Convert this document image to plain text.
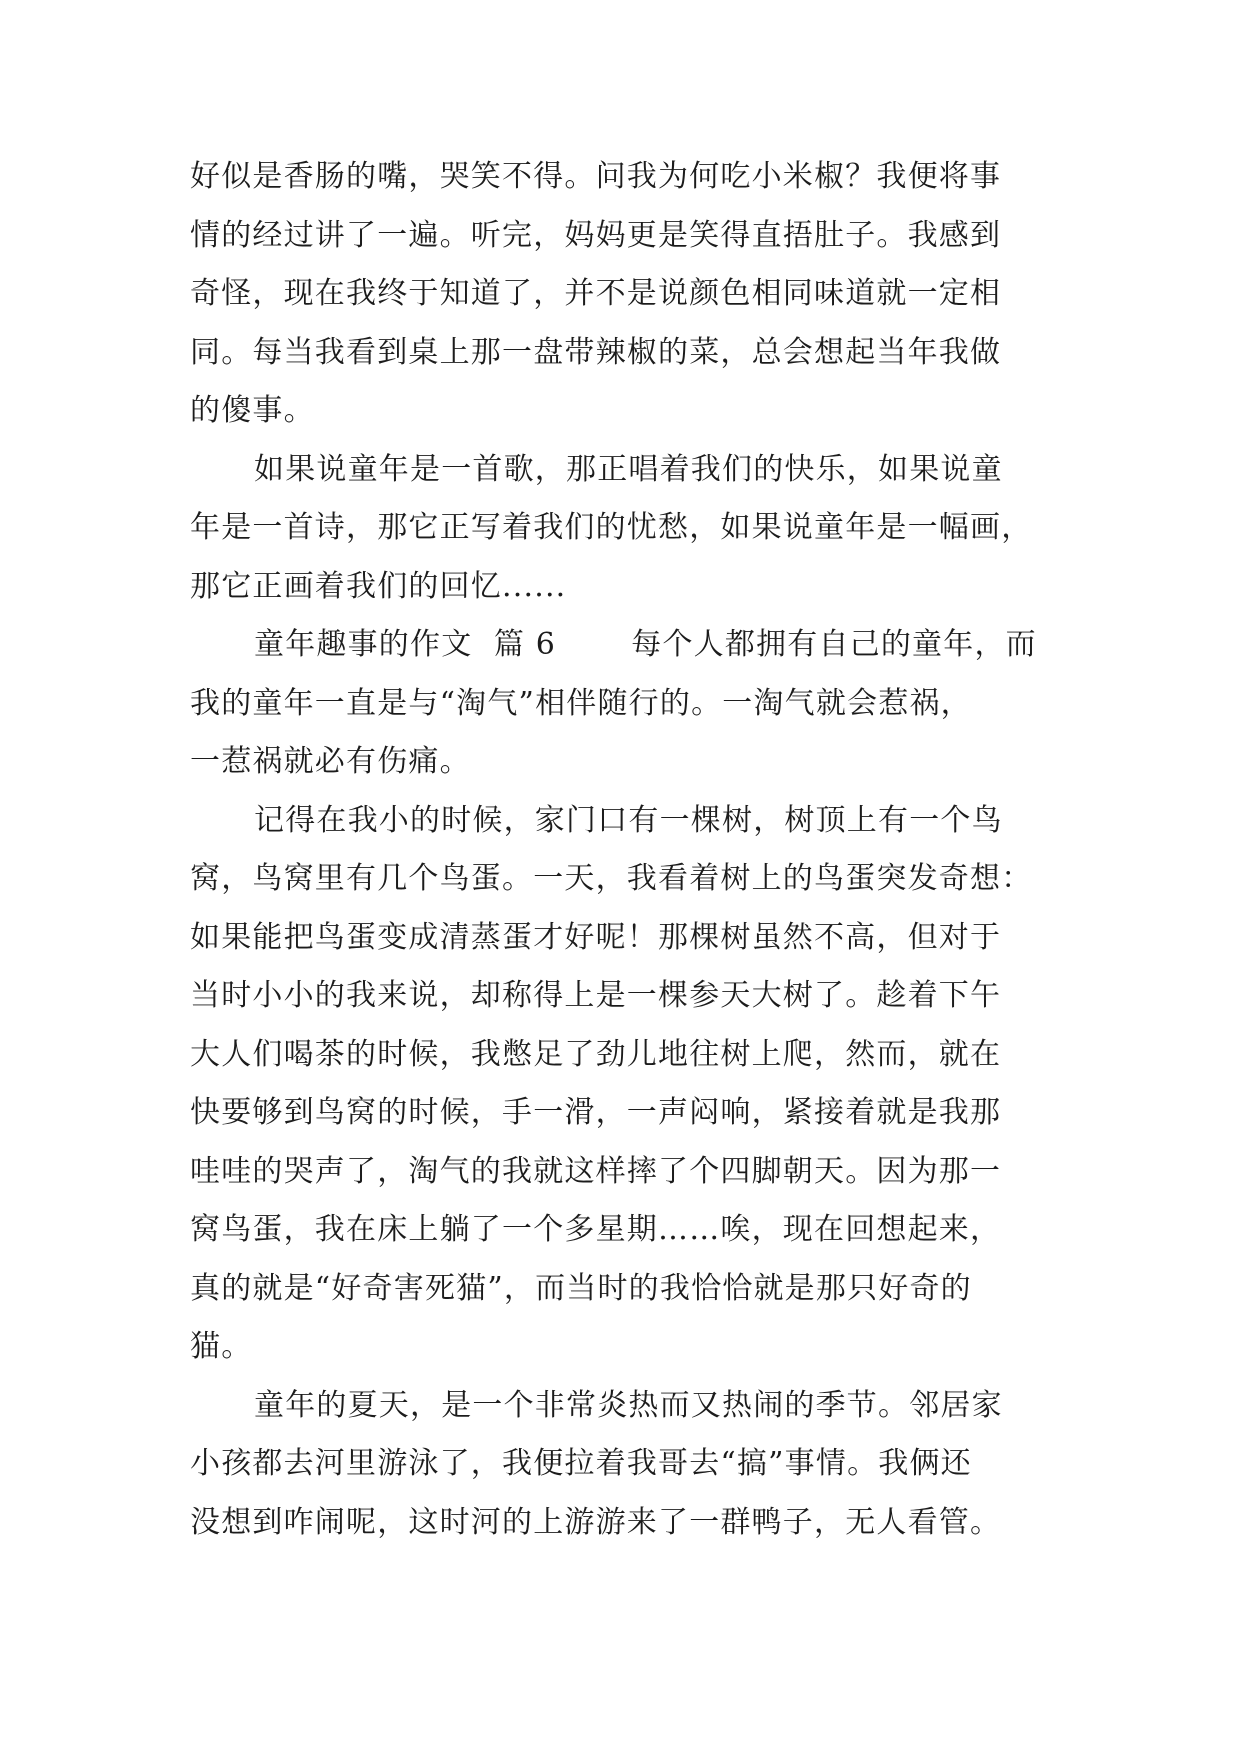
好似是香肠的嘴，哭笑不得。问我为何吃小米椒？我便将事
情的经过讲了一遍。听完，妈妈更是笑得直捂肚子。我感到
奇怪，现在我终于知道了，并不是说颜色相同味道就一定相
同。每当我看到桌上那一盘带辣椒的菜，总会想起当年我做
的傻事。
如果说童年是一首歌，那正唱着我们的快乐，如果说童
年是一首诗，那它正写着我们的忧愁，如果说童年是一幅画，
那它正画着我们的回忆......
童年趣事的作文  篇 6       每个人都拥有自己的童年，而
我的童年一直是与“淘气”相伴随行的。一淘气就会惹祸，
一惹祸就必有伤痛。
记得在我小的时候，家门口有一棵树，树顶上有一个鸟
窝，鸟窝里有几个鸟蛋。一天，我看着树上的鸟蛋突发奇想：
如果能把鸟蛋变成清蒸蛋才好呢！那棵树虽然不高，但对于
当时小小的我来说，却称得上是一棵参天大树了。趁着下午
大人们喝茶的时候，我憋足了劲儿地往树上爬，然而，就在
快要够到鸟窝的时候，手一滑，一声闷响，紧接着就是我那
哇哇的哭声了，淘气的我就这样摔了个四脚朝天。因为那一
窝鸟蛋，我在床上躺了一个多星期……唉，现在回想起来，
真的就是“好奇害死猫”，而当时的我恰恰就是那只好奇的
猫。
童年的夏天，是一个非常炎热而又热闹的季节。邻居家
小孩都去河里游泳了，我便拉着我哥去“搞”事情。我俩还
没想到咋闹呢，这时河的上游游来了一群鸭子，无人看管。
